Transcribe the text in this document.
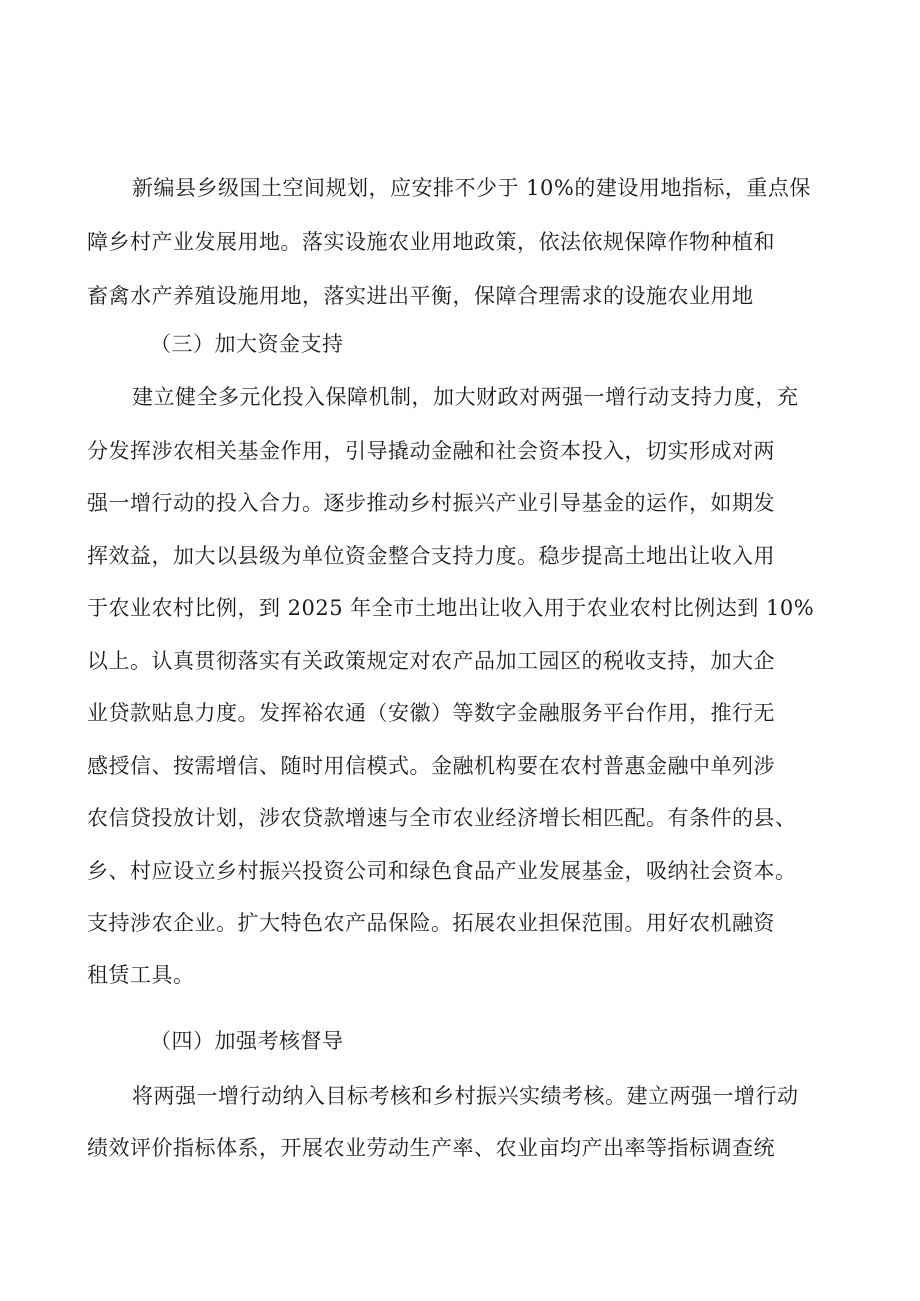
新编县乡级国土空间规划，应安排不少于 10%的建设用地指标，重点保
障乡村产业发展用地。落实设施农业用地政策，依法依规保障作物种植和
畜禽水产养殖设施用地，落实进出平衡，保障合理需求的设施农业用地
（三）加大资金支持
建立健全多元化投入保障机制，加大财政对两强一增行动支持力度，充
分发挥涉农相关基金作用，引导撬动金融和社会资本投入，切实形成对两
强一增行动的投入合力。逐步推动乡村振兴产业引导基金的运作，如期发
挥效益，加大以县级为单位资金整合支持力度。稳步提高土地出让收入用
于农业农村比例，到 2025 年全市土地出让收入用于农业农村比例达到 10%
以上。认真贯彻落实有关政策规定对农产品加工园区的税收支持，加大企
业贷款贴息力度。发挥裕农通（安徽）等数字金融服务平台作用，推行无
感授信、按需增信、随时用信模式。金融机构要在农村普惠金融中单列涉
农信贷投放计划，涉农贷款增速与全市农业经济增长相匹配。有条件的县、
乡、村应设立乡村振兴投资公司和绿色食品产业发展基金，吸纳社会资本。
支持涉农企业。扩大特色农产品保险。拓展农业担保范围。用好农机融资
租赁工具。
（四）加强考核督导
将两强一增行动纳入目标考核和乡村振兴实绩考核。建立两强一增行动
绩效评价指标体系，开展农业劳动生产率、农业亩均产出率等指标调查统
